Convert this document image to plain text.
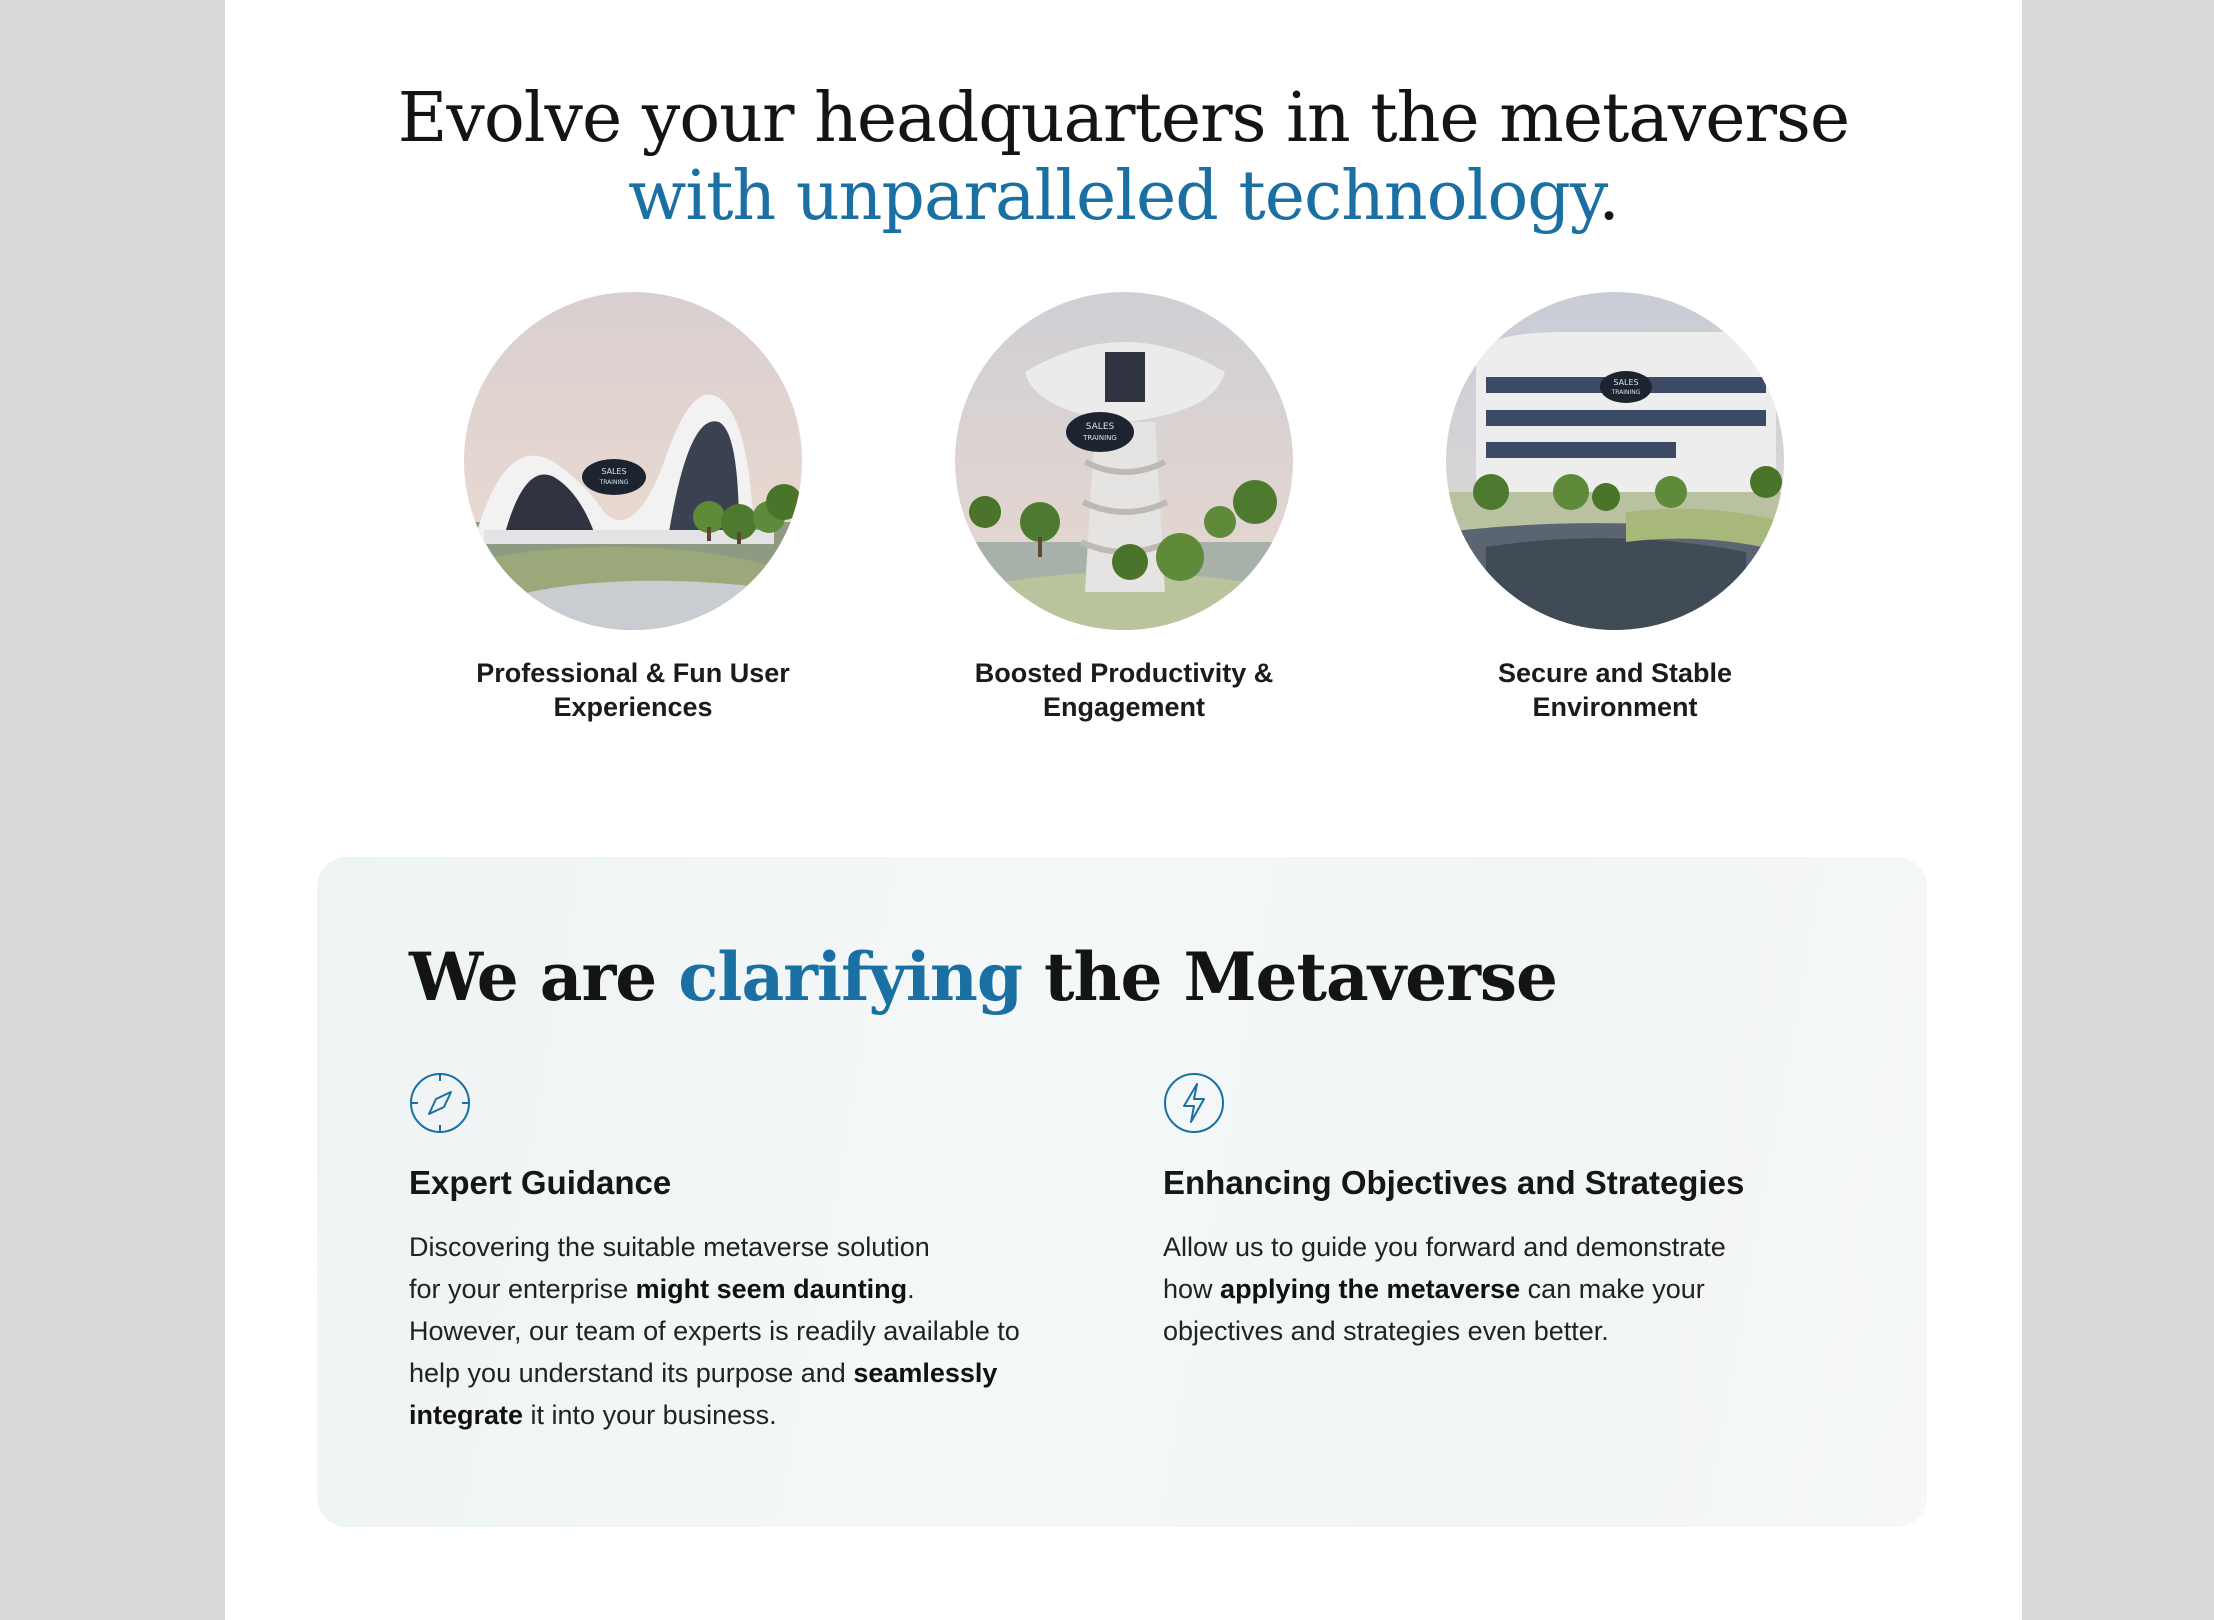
Evolve your headquarters in the metaverse
with unparalleled technology.
SALES
TRAINING
Professional & Fun User
Experiences
SALES
TRAINING
Boosted Productivity &
Engagement
SALES
TRAINING
Secure and Stable
Environment
We are clarifying the Metaverse
Expert Guidance

Discovering the suitable metaverse solution
for your enterprise might seem daunting.
However, our team of experts is readily available to
help you understand its purpose and seamlessly
integrate it into your business.

Enhancing Objectives and Strategies

Allow us to guide you forward and demonstrate
how applying the metaverse can make your
objectives and strategies even better.
